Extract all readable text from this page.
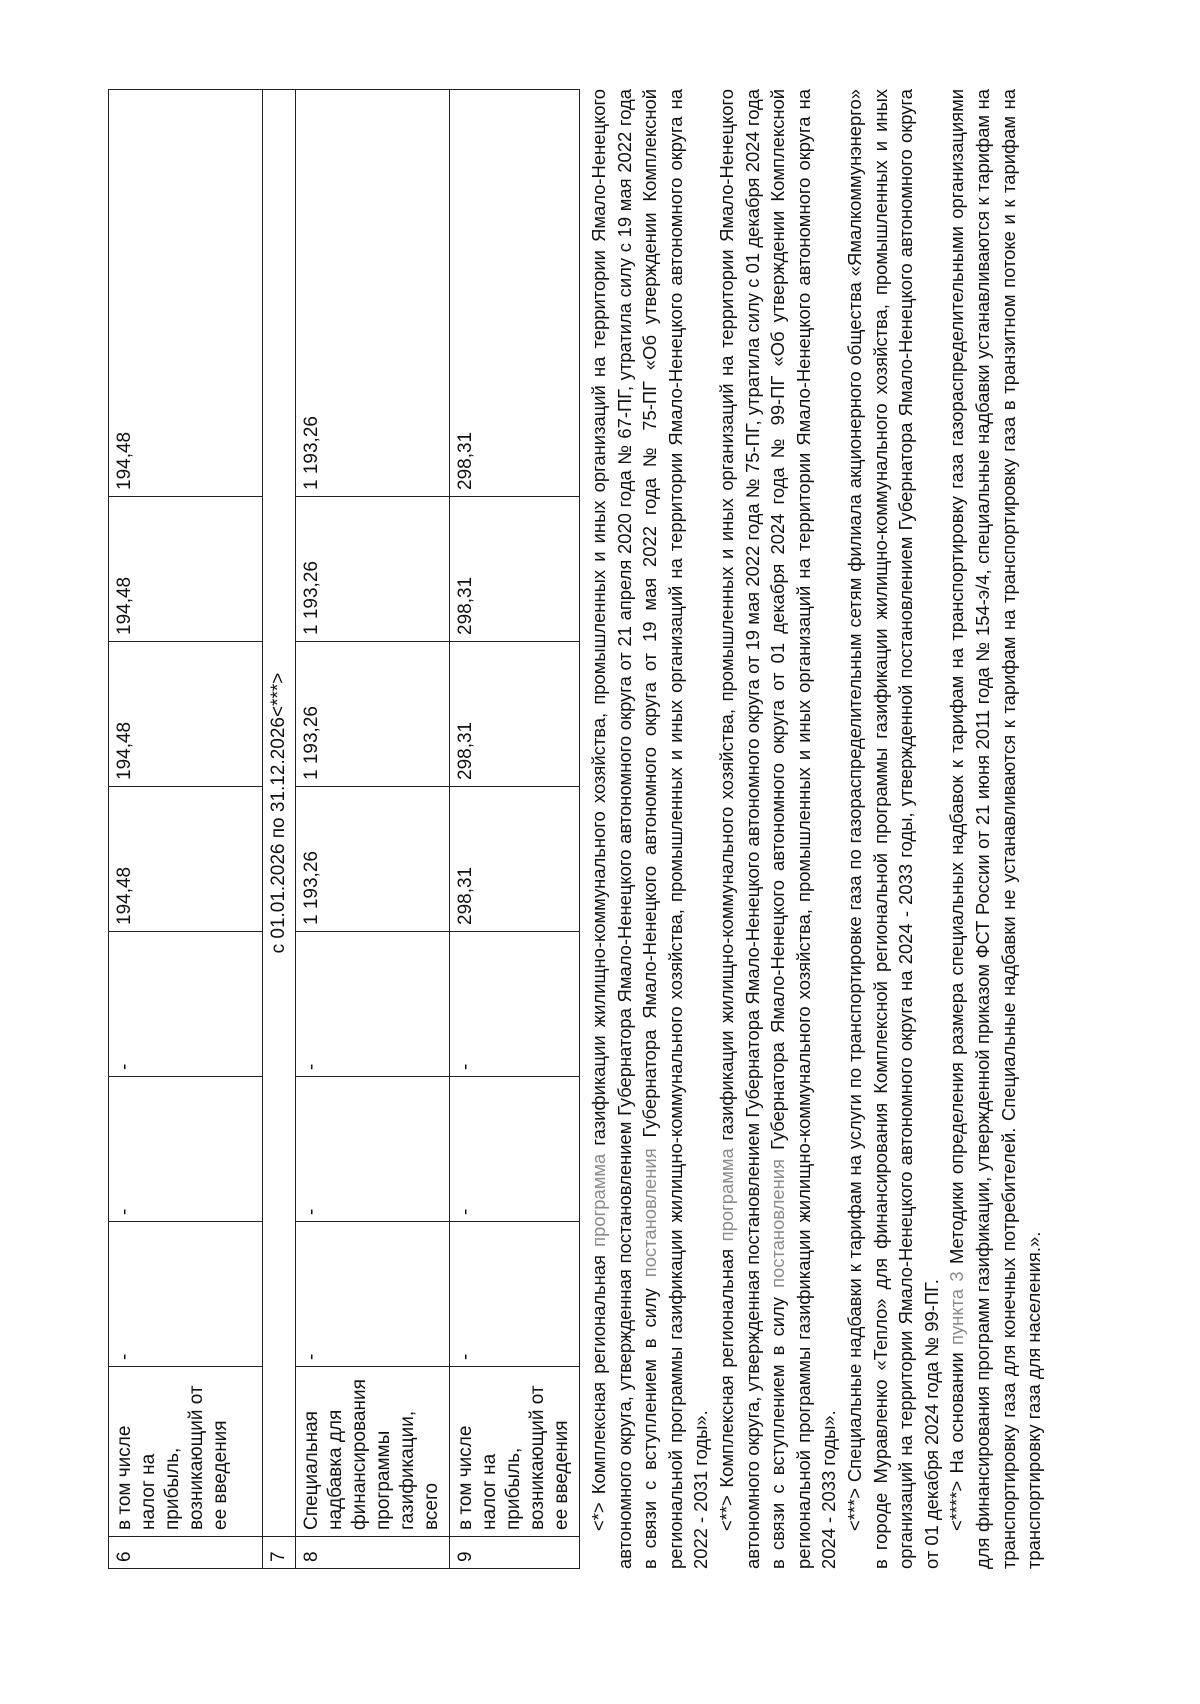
6	в том числе налог на прибыль, возникающий от ее введения	-	-	-	194,48	194,48	194,48	194,48
7	с 01.01.2026 по 31.12.2026<***>							
8	Специальная надбавка для финансирования программы газификации, всего	-	-	-	1 193,26	1 193,26	1 193,26	1 193,26
9	в том числе налог на прибыль, возникающий от ее введения	-	-	-	298,31	298,31	298,31	298,31

<*> Комплексная региональная программа газификации жилищно-коммунального хозяйства, промышленных и иных организаций на территории Ямало-Ненецкого автономного округа, утвержденная постановлением Губернатора Ямало-Ненецкого автономного округа от 21 апреля 2020 года № 67-ПГ, утратила силу с 19 мая 2022 года в связи с вступлением в силу постановления Губернатора Ямало-Ненецкого автономного округа от 19 мая 2022 года № 75-ПГ «Об утверждении Комплексной региональной программы газификации жилищно-коммунального хозяйства, промышленных и иных организаций на территории Ямало-Ненецкого автономного округа на 2022 - 2031 годы». <**> Комплексная региональная программа газификации жилищно-коммунального хозяйства, промышленных и иных организаций на территории Ямало-Ненецкого автономного округа, утвержденная постановлением Губернатора Ямало-Ненецкого автономного округа от 19 мая 2022 года № 75-ПГ, утратила силу с 01 декабря 2024 года в связи с вступлением в силу постановления Губернатора Ямало-Ненецкого автономного округа от 01 декабря 2024 года № 99-ПГ «Об утверждении Комплексной региональной программы газификации жилищно-коммунального хозяйства, промышленных и иных организаций на территории Ямало-Ненецкого автономного округа на 2024 - 2033 годы». <***> Специальные надбавки к тарифам на услуги по транспортировке газа по газораспределительным сетям филиала акционерного общества «Ямалкоммунэнерго» в городе Муравленко «Тепло» для финансирования Комплексной региональной программы газификации жилищно-коммунального хозяйства, промышленных и иных организаций на территории Ямало-Ненецкого автономного округа на 2024 - 2033 годы, утвержденной постановлением Губернатора Ямало-Ненецкого автономного округа от 01 декабря 2024 года № 99-ПГ. <****> На основании пункта 3 Методики определения размера специальных надбавок к тарифам на транспортировку газа газораспределительными организациями для финансирования программ газификации, утвержденной приказом ФСТ России от 21 июня 2011 года № 154-э/4, специальные надбавки устанавливаются к тарифам на транспортировку газа для конечных потребителей. Специальные надбавки не устанавливаются к тарифам на транспортировку газа в транзитном потоке и к тарифам на транспортировку газа для населения.».
